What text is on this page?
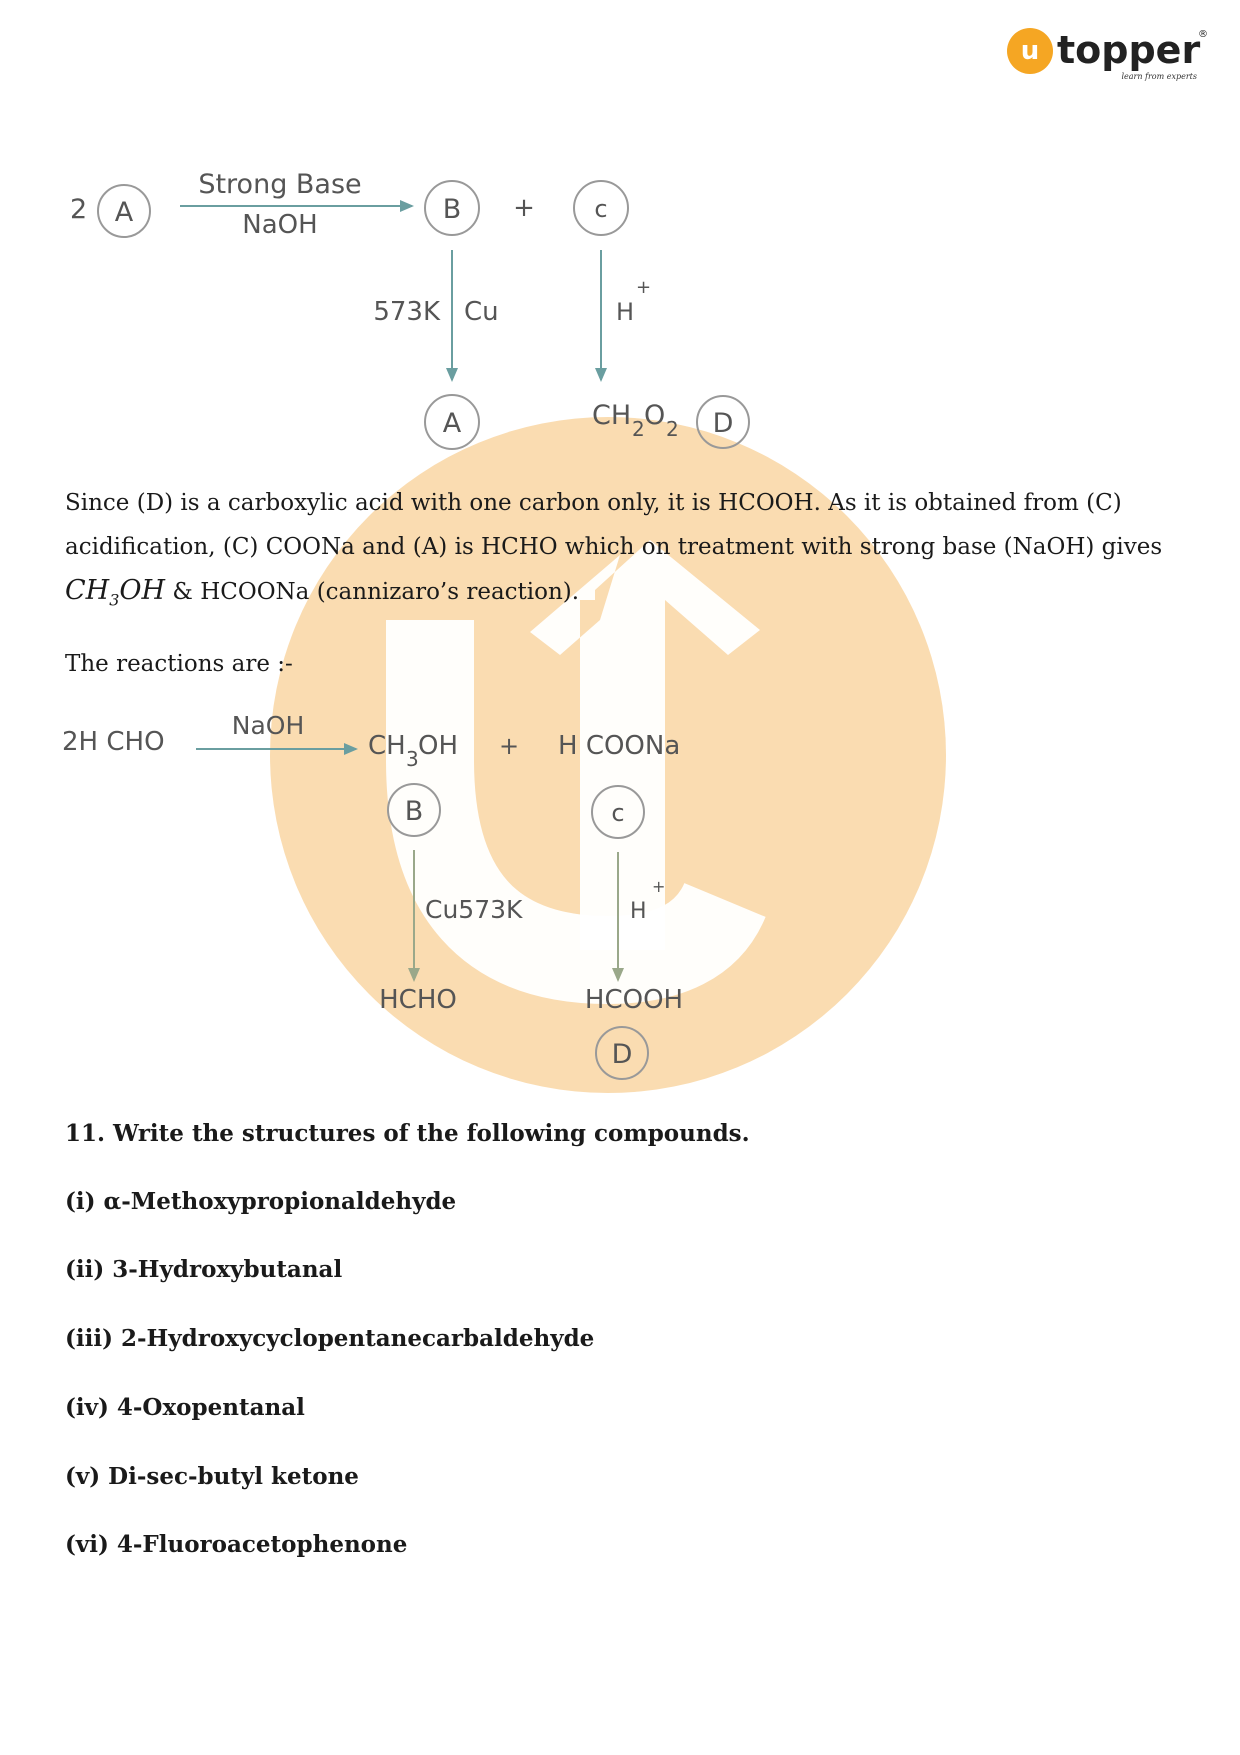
u topper
®
learn from experts
2 A
Strong Base
NaOH	B + c
573K Cu	H
+
A	CH 2 O 2 D
2H CHO
NaOH
CH 3 OH + H COONa
B	c
Cu573K	H
+
HCHO	HCOOH
D

Since (D) is a carboxylic acid with one carbon only, it is HCOOH. As it is obtained from (C)
acidification, (C) COONa and (A) is HCHO which on treatment with strong base (NaOH) gives
$CH_3OH$ & HCOONa (cannizaro’s reaction).

The reactions are :-

11. Write the structures of the following compounds.

(i) α-Methoxypropionaldehyde

(ii) 3-Hydroxybutanal

(iii) 2-Hydroxycyclopentanecarbaldehyde

(iv) 4-Oxopentanal

(v) Di-sec-butyl ketone

(vi) 4-Fluoroacetophenone
